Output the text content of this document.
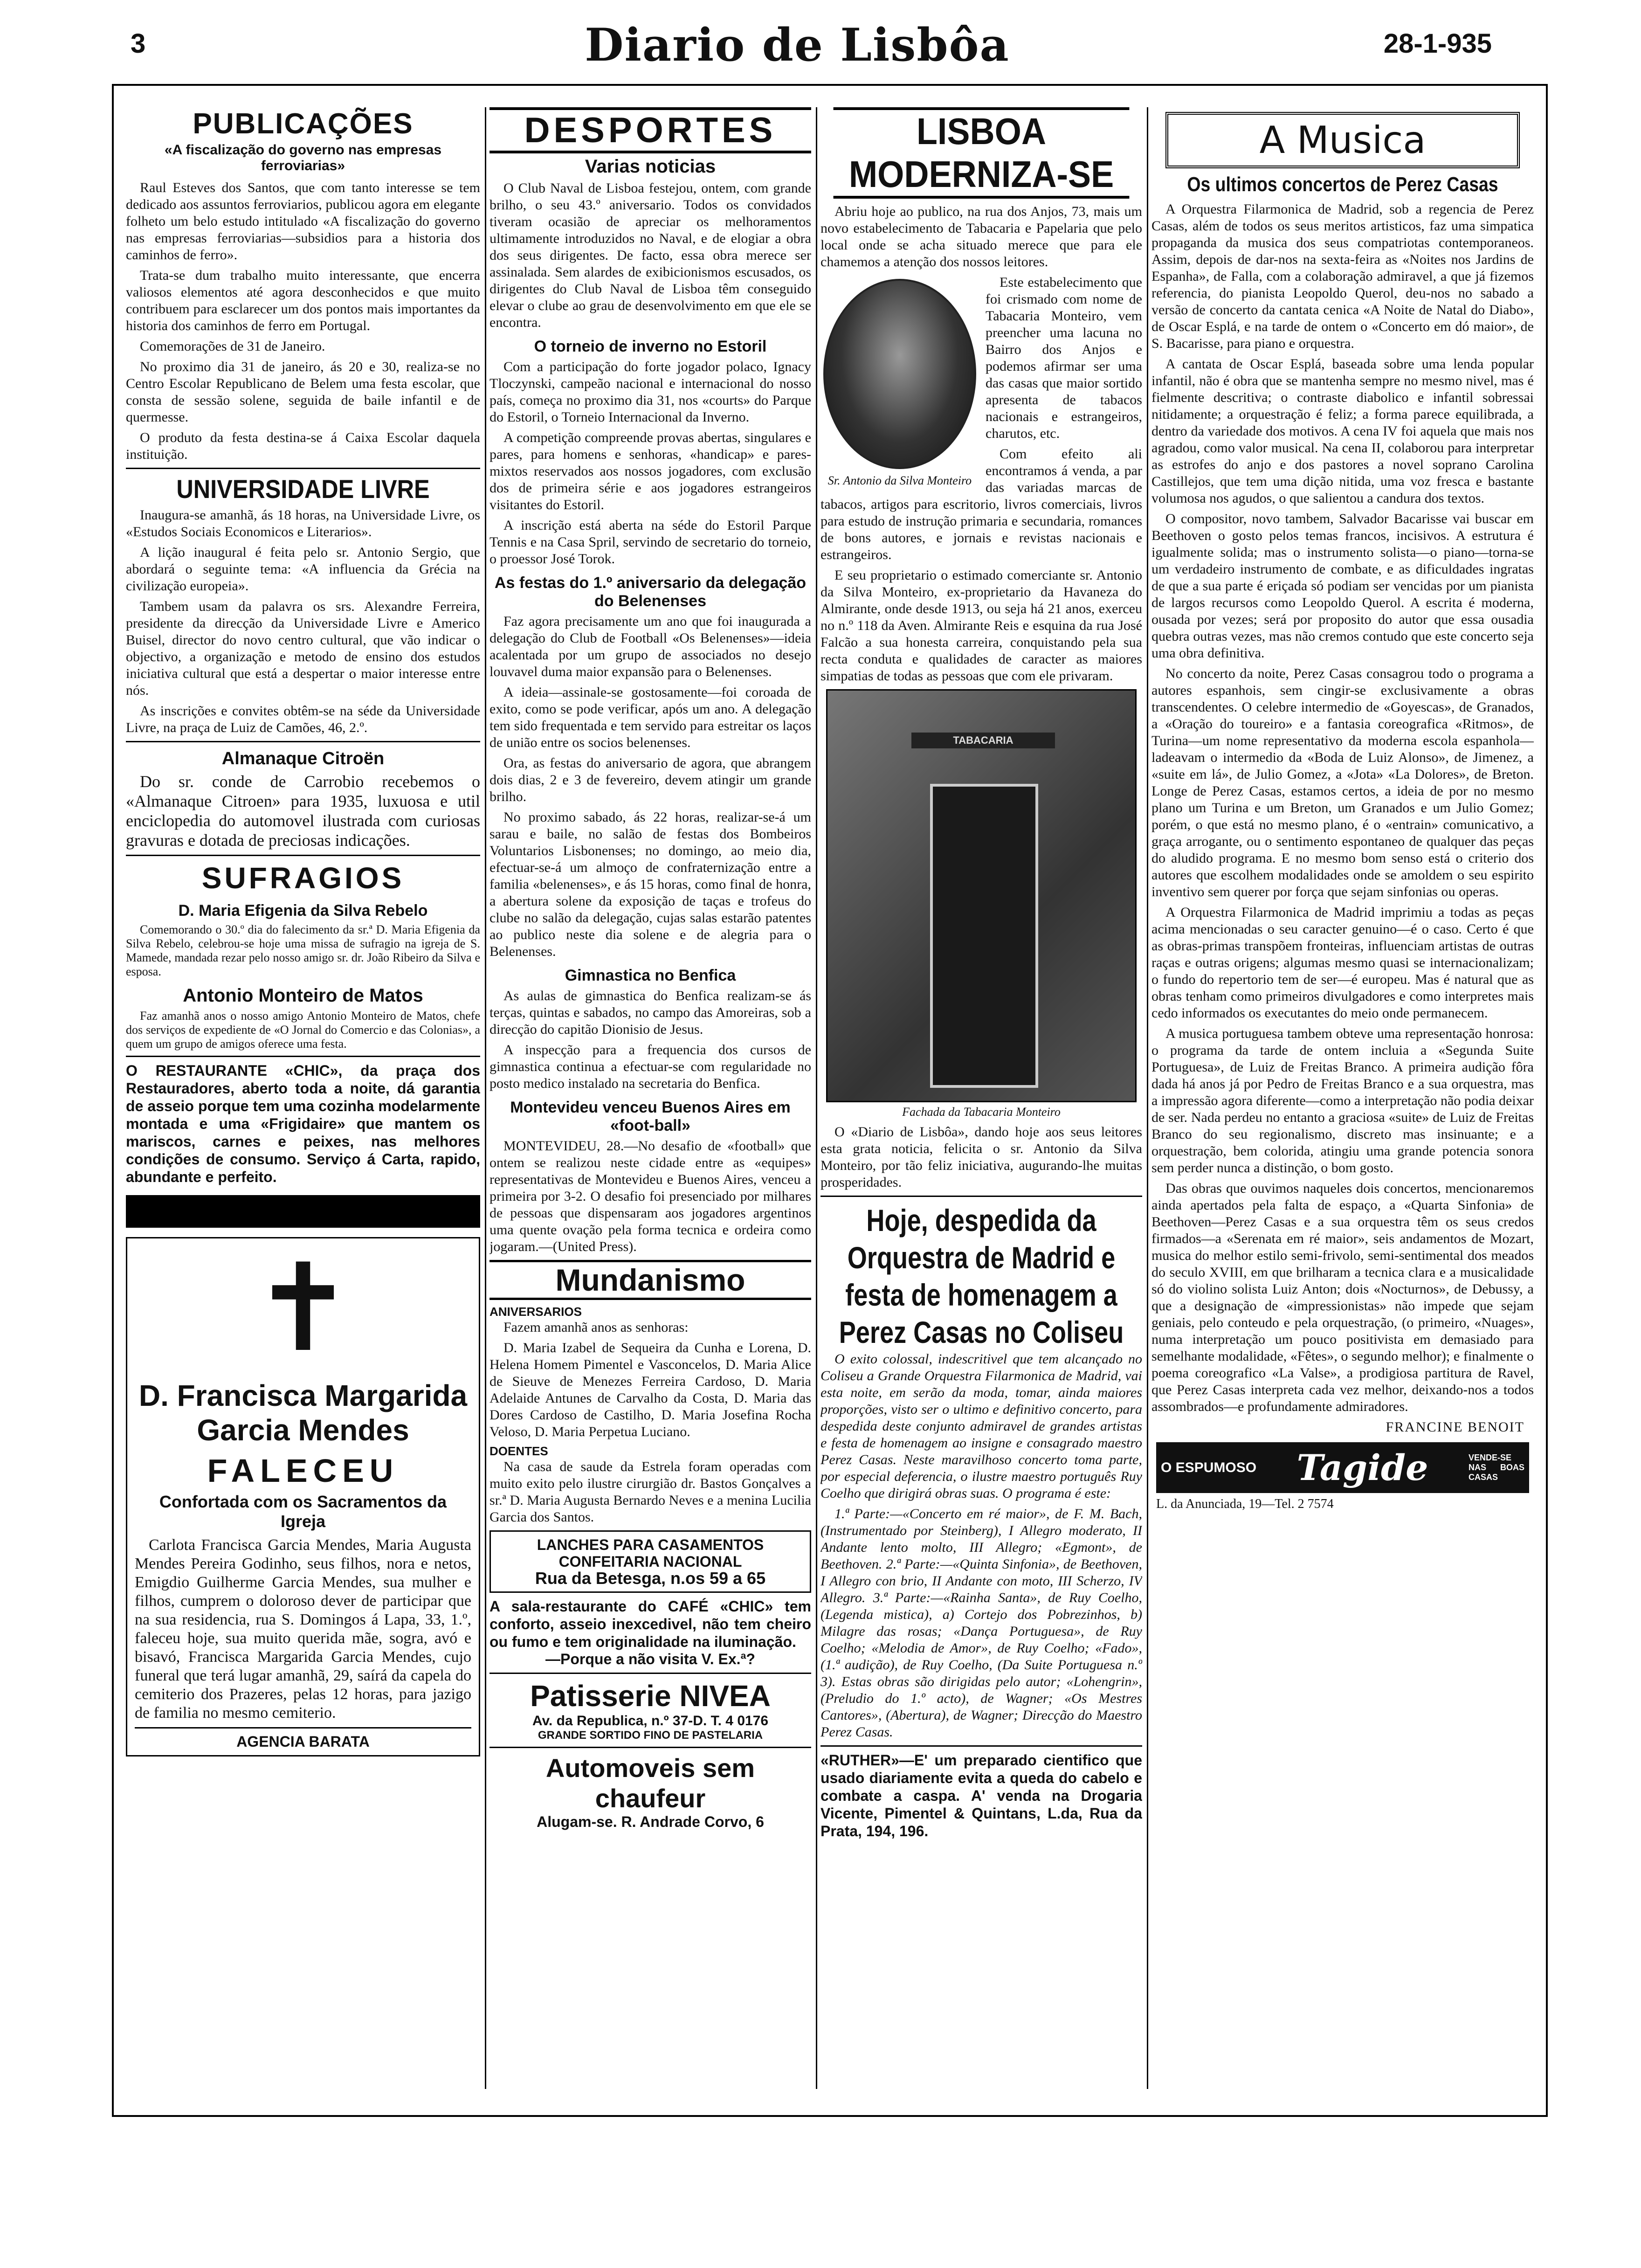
3	Diario de Lisbôa	28-1-935
PUBLICAÇÕES
«A fiscalização do governo nas empresas ferroviarias»

Raul Esteves dos Santos, que com tanto interesse se tem dedicado aos assuntos ferroviarios, publicou agora em elegante folheto um belo estudo intitulado «A fiscalização do governo nas empresas ferroviarias—subsidios para a historia dos caminhos de ferro».

Trata-se dum trabalho muito interessante, que encerra valiosos elementos até agora desconhecidos e que muito contribuem para esclarecer um dos pontos mais importantes da historia dos caminhos de ferro em Portugal.

Comemorações de 31 de Janeiro.

No proximo dia 31 de janeiro, ás 20 e 30, realiza-se no Centro Escolar Republicano de Belem uma festa escolar, que consta de sessão solene, seguida de baile infantil e de quermesse.

O produto da festa destina-se á Caixa Escolar daquela instituição.

UNIVERSIDADE LIVRE

Inaugura-se amanhã, ás 18 horas, na Universidade Livre, os «Estudos Sociais Economicos e Literarios».

A lição inaugural é feita pelo sr. Antonio Sergio, que abordará o seguinte tema: «A influencia da Grécia na civilização europeia».

Tambem usam da palavra os srs. Alexandre Ferreira, presidente da direcção da Universidade Livre e Americo Buisel, director do novo centro cultural, que vão indicar o objectivo, a organização e metodo de ensino dos estudos iniciativa cultural que está a despertar o maior interesse entre nós.

As inscrições e convites obtêm-se na séde da Universidade Livre, na praça de Luiz de Camões, 46, 2.º.

Almanaque Citroën

Do sr. conde de Carrobio recebemos o «Almanaque Citroen» para 1935, luxuosa e util enciclopedia do automovel ilustrada com curiosas gravuras e dotada de preciosas indicações.

SUFRAGIOS
D. Maria Efigenia da Silva Rebelo

Comemorando o 30.º dia do falecimento da sr.ª D. Maria Efigenia da Silva Rebelo, celebrou-se hoje uma missa de sufragio na igreja de S. Mamede, mandada rezar pelo nosso amigo sr. dr. João Ribeiro da Silva e esposa.

Antonio Monteiro de Matos

Faz amanhã anos o nosso amigo Antonio Monteiro de Matos, chefe dos serviços de expediente de «O Jornal do Comercio e das Colonias», a quem um grupo de amigos oferece uma festa.

O RESTAURANTE «CHIC», da praça dos Restauradores, aberto toda a noite, dá garantia de asseio porque tem uma cozinha modelarmente montada e uma «Frigidaire» que mantem os mariscos, carnes e peixes, nas melhores condições de consumo. Serviço á Carta, rapido, abundante e perfeito.
✝
D. Francisca Margarida Garcia Mendes
FALECEU
Confortada com os Sacramentos da Igreja

Carlota Francisca Garcia Mendes, Maria Augusta Mendes Pereira Godinho, seus filhos, nora e netos, Emigdio Guilherme Garcia Mendes, sua mulher e filhos, cumprem o doloroso dever de participar que na sua residencia, rua S. Domingos á Lapa, 33, 1.º, faleceu hoje, sua muito querida mãe, sogra, avó e bisavó, Francisca Margarida Garcia Mendes, cujo funeral que terá lugar amanhã, 29, saírá da capela do cemiterio dos Prazeres, pelas 12 horas, para jazigo de familia no mesmo cemiterio.

AGENCIA BARATA
DESPORTES
Varias noticias

O Club Naval de Lisboa festejou, ontem, com grande brilho, o seu 43.º aniversario. Todos os convidados tiveram ocasião de apreciar os melhoramentos ultimamente introduzidos no Naval, e de elogiar a obra dos seus dirigentes. De facto, essa obra merece ser assinalada. Sem alardes de exibicionismos escusados, os dirigentes do Club Naval de Lisboa têm conseguido elevar o clube ao grau de desenvolvimento em que ele se encontra.

O torneio de inverno no Estoril

Com a participação do forte jogador polaco, Ignacy Tloczynski, campeão nacional e internacional do nosso país, começa no proximo dia 31, nos «courts» do Parque do Estoril, o Torneio Internacional da Inverno.

A competição compreende provas abertas, singulares e pares, para homens e senhoras, «handicap» e pares-mixtos reservados aos nossos jogadores, com exclusão dos de primeira série e aos jogadores estrangeiros visitantes do Estoril.

A inscrição está aberta na séde do Estoril Parque Tennis e na Casa Spril, servindo de secretario do torneio, o proessor José Torok.

As festas do 1.º aniversario da delegação do Belenenses

Faz agora precisamente um ano que foi inaugurada a delegação do Club de Football «Os Belenenses»—ideia acalentada por um grupo de associados no desejo louvavel duma maior expansão para o Belenenses.

A ideia—assinale-se gostosamente—foi coroada de exito, como se pode verificar, após um ano. A delegação tem sido frequentada e tem servido para estreitar os laços de união entre os socios belenenses.

Ora, as festas do aniversario de agora, que abrangem dois dias, 2 e 3 de fevereiro, devem atingir um grande brilho.

No proximo sabado, ás 22 horas, realizar-se-á um sarau e baile, no salão de festas dos Bombeiros Voluntarios Lisbonenses; no domingo, ao meio dia, efectuar-se-á um almoço de confraternização entre a familia «belenenses», e ás 15 horas, como final de honra, a abertura solene da exposição de taças e trofeus do clube no salão da delegação, cujas salas estarão patentes ao publico neste dia solene e de alegria para o Belenenses.

Gimnastica no Benfica

As aulas de gimnastica do Benfica realizam-se ás terças, quintas e sabados, no campo das Amoreiras, sob a direcção do capitão Dionisio de Jesus.

A inspecção para a frequencia dos cursos de gimnastica continua a efectuar-se com regularidade no posto medico instalado na secretaria do Benfica.

Montevideu venceu Buenos Aires em «foot-ball»

MONTEVIDEU, 28.—No desafio de «football» que ontem se realizou neste cidade entre as «equipes» representativas de Montevideu e Buenos Aires, venceu a primeira por 3-2. O desafio foi presenciado por milhares de pessoas que dispensaram aos jogadores argentinos uma quente ovação pela forma tecnica e ordeira como jogaram.—(United Press).

Mundanismo
ANIVERSARIOS

Fazem amanhã anos as senhoras:

D. Maria Izabel de Sequeira da Cunha e Lorena, D. Helena Homem Pimentel e Vasconcelos, D. Maria Alice de Sieuve de Menezes Ferreira Cardoso, D. Maria Adelaide Antunes de Carvalho da Costa, D. Maria das Dores Cardoso de Castilho, D. Maria Josefina Rocha Veloso, D. Maria Perpetua Luciano.

DOENTES

Na casa de saude da Estrela foram operadas com muito exito pelo ilustre cirurgião dr. Bastos Gonçalves a sr.ª D. Maria Augusta Bernardo Neves e a menina Lucilia Garcia dos Santos.

LANCHES PARA CASAMENTOS
CONFEITARIA NACIONAL
Rua da Betesga, n.os 59 a 65
A sala-restaurante do CAFÉ «CHIC» tem conforto, asseio inexcedivel, não tem cheiro ou fumo e tem originalidade na iluminação.
—Porque a não visita V. Ex.ª?
Patisserie NIVEA
Av. da Republica, n.º 37-D. T. 4 0176
GRANDE SORTIDO FINO DE PASTELARIA
Automoveis sem chaufeur
Alugam-se. R. Andrade Corvo, 6
LISBOA MODERNIZA-SE

Abriu hoje ao publico, na rua dos Anjos, 73, mais um novo estabelecimento de Tabacaria e Papelaria que pelo local onde se acha situado merece que para ele chamemos a atenção dos nossos leitores.

Sr. Antonio da Silva Monteiro

Este estabelecimento que foi crismado com nome de Tabacaria Monteiro, vem preencher uma lacuna no Bairro dos Anjos e podemos afirmar ser uma das casas que maior sortido apresenta de tabacos nacionais e estrangeiros, charutos, etc.

Com efeito ali encontramos á venda, a par das variadas marcas de tabacos, artigos para escritorio, livros comerciais, livros para estudo de instrução primaria e secundaria, romances de bons autores, e jornais e revistas nacionais e estrangeiros.

E seu proprietario o estimado comerciante sr. Antonio da Silva Monteiro, ex-proprietario da Havaneza do Almirante, onde desde 1913, ou seja há 21 anos, exerceu no n.º 118 da Aven. Almirante Reis e esquina da rua José Falcão a sua honesta carreira, conquistando pela sua recta conduta e qualidades de caracter as maiores simpatias de todas as pessoas que com ele privaram.

TABACARIA
Fachada da Tabacaria Monteiro

O «Diario de Lisbôa», dando hoje aos seus leitores esta grata noticia, felicita o sr. Antonio da Silva Monteiro, por tão feliz iniciativa, augurando-lhe muitas prosperidades.

Hoje, despedida da Orquestra de Madrid e festa de homenagem a Perez Casas no Coliseu

O exito colossal, indescritivel que tem alcançado no Coliseu a Grande Orquestra Filarmonica de Madrid, vai esta noite, em serão da moda, tomar, ainda maiores proporções, visto ser o ultimo e definitivo concerto, para despedida deste conjunto admiravel de grandes artistas e festa de homenagem ao insigne e consagrado maestro Perez Casas. Neste maravilhoso concerto toma parte, por especial deferencia, o ilustre maestro português Ruy Coelho que dirigirá obras suas. O programa é este:

1.ª Parte:—«Concerto em ré maior», de F. M. Bach, (Instrumentado por Steinberg), I Allegro moderato, II Andante lento molto, III Allegro; «Egmont», de Beethoven. 2.ª Parte:—«Quinta Sinfonia», de Beethoven, I Allegro con brio, II Andante con moto, III Scherzo, IV Allegro. 3.ª Parte:—«Rainha Santa», de Ruy Coelho, (Legenda mistica), a) Cortejo dos Pobrezinhos, b) Milagre das rosas; «Dança Portuguesa», de Ruy Coelho; «Melodia de Amor», de Ruy Coelho; «Fado», (1.ª audição), de Ruy Coelho, (Da Suite Portuguesa n.º 3). Estas obras são dirigidas pelo autor; «Lohengrin», (Preludio do 1.º acto), de Wagner; «Os Mestres Cantores», (Abertura), de Wagner; Direcção do Maestro Perez Casas.

«RUTHER»—E' um preparado cientifico que usado diariamente evita a queda do cabelo e combate a caspa. A' venda na Drogaria Vicente, Pimentel & Quintans, L.da, Rua da Prata, 194, 196.
A Musica
Os ultimos concertos de Perez Casas

A Orquestra Filarmonica de Madrid, sob a regencia de Perez Casas, além de todos os seus meritos artisticos, faz uma simpatica propaganda da musica dos seus compatriotas contemporaneos. Assim, depois de dar-nos na sexta-feira as «Noites nos Jardins de Espanha», de Falla, com a colaboração admiravel, a que já fizemos referencia, do pianista Leopoldo Querol, deu-nos no sabado a versão de concerto da cantata cenica «A Noite de Natal do Diabo», de Oscar Esplá, e na tarde de ontem o «Concerto em dó maior», de S. Bacarisse, para piano e orquestra.

A cantata de Oscar Esplá, baseada sobre uma lenda popular infantil, não é obra que se mantenha sempre no mesmo nivel, mas é fielmente descritiva; o contraste diabolico e infantil sobressai nitidamente; a orquestração é feliz; a forma parece equilibrada, a dentro da variedade dos motivos. A cena IV foi aquela que mais nos agradou, como valor musical. Na cena II, colaborou para interpretar as estrofes do anjo e dos pastores a novel soprano Carolina Castillejos, que tem uma dição nitida, uma voz fresca e bastante volumosa nos agudos, o que salientou a candura dos textos.

O compositor, novo tambem, Salvador Bacarisse vai buscar em Beethoven o gosto pelos temas francos, incisivos. A estrutura é igualmente solida; mas o instrumento solista—o piano—torna-se um verdadeiro instrumento de combate, e as dificuldades ingratas de que a sua parte é eriçada só podiam ser vencidas por um pianista de largos recursos como Leopoldo Querol. A escrita é moderna, ousada por vezes; será por proposito do autor que essa ousadia quebra outras vezes, mas não cremos contudo que este concerto seja uma obra definitiva.

No concerto da noite, Perez Casas consagrou todo o programa a autores espanhois, sem cingir-se exclusivamente a obras transcendentes. O celebre intermedio de «Goyescas», de Granados, a «Oração do toureiro» e a fantasia coreografica «Ritmos», de Turina—um nome representativo da moderna escola espanhola—ladeavam o intermedio da «Boda de Luiz Alonso», de Jimenez, a «suite em lá», de Julio Gomez, a «Jota» «La Dolores», de Breton. Longe de Perez Casas, estamos certos, a ideia de por no mesmo plano um Turina e um Breton, um Granados e um Julio Gomez; porém, o que está no mesmo plano, é o «entrain» comunicativo, a graça arrogante, ou o sentimento espontaneo de qualquer das peças do aludido programa. E no mesmo bom senso está o criterio dos autores que escolhem modalidades onde se amoldem o seu espirito inventivo sem querer por força que sejam sinfonias ou operas.

A Orquestra Filarmonica de Madrid imprimiu a todas as peças acima mencionadas o seu caracter genuino—é o caso. Certo é que as obras-primas transpõem fronteiras, influenciam artistas de outras raças e outras origens; algumas mesmo quasi se internacionalizam; o fundo do repertorio tem de ser—é europeu. Mas é natural que as obras tenham como primeiros divulgadores e como interpretes mais cedo informados os executantes do meio onde permanecem.

A musica portuguesa tambem obteve uma representação honrosa: o programa da tarde de ontem incluia a «Segunda Suite Portuguesa», de Luiz de Freitas Branco. A primeira audição fôra dada há anos já por Pedro de Freitas Branco e a sua orquestra, mas a impressão agora diferente—como a interpretação não podia deixar de ser. Nada perdeu no entanto a graciosa «suite» de Luiz de Freitas Branco do seu regionalismo, discreto mas insinuante; e a orquestração, bem colorida, atingiu uma grande potencia sonora sem perder nunca a distinção, o bom gosto.

Das obras que ouvimos naqueles dois concertos, mencionaremos ainda apertados pela falta de espaço, a «Quarta Sinfonia» de Beethoven—Perez Casas e a sua orquestra têm os seus credos firmados—a «Serenata em ré maior», seis andamentos de Mozart, musica do melhor estilo semi-frivolo, semi-sentimental dos meados do seculo XVIII, em que brilharam a tecnica clara e a musicalidade só do violino solista Luiz Anton; dois «Nocturnos», de Debussy, a que a designação de «impressionistas» não impede que sejam geniais, pelo conteudo e pela orquestração, (o primeiro, «Nuages», numa interpretação um pouco positivista em demasiado para semelhante modalidade, «Fêtes», o segundo melhor); e finalmente o poema coreografico «La Valse», a prodigiosa partitura de Ravel, que Perez Casas interpreta cada vez melhor, deixando-nos a todos assombrados—e profundamente admiradores.

FRANCINE BENOIT
O ESPUMOSO	Tagide	VENDE-SE NAS BOAS CASAS
L. da Anunciada, 19—Tel. 2 7574
